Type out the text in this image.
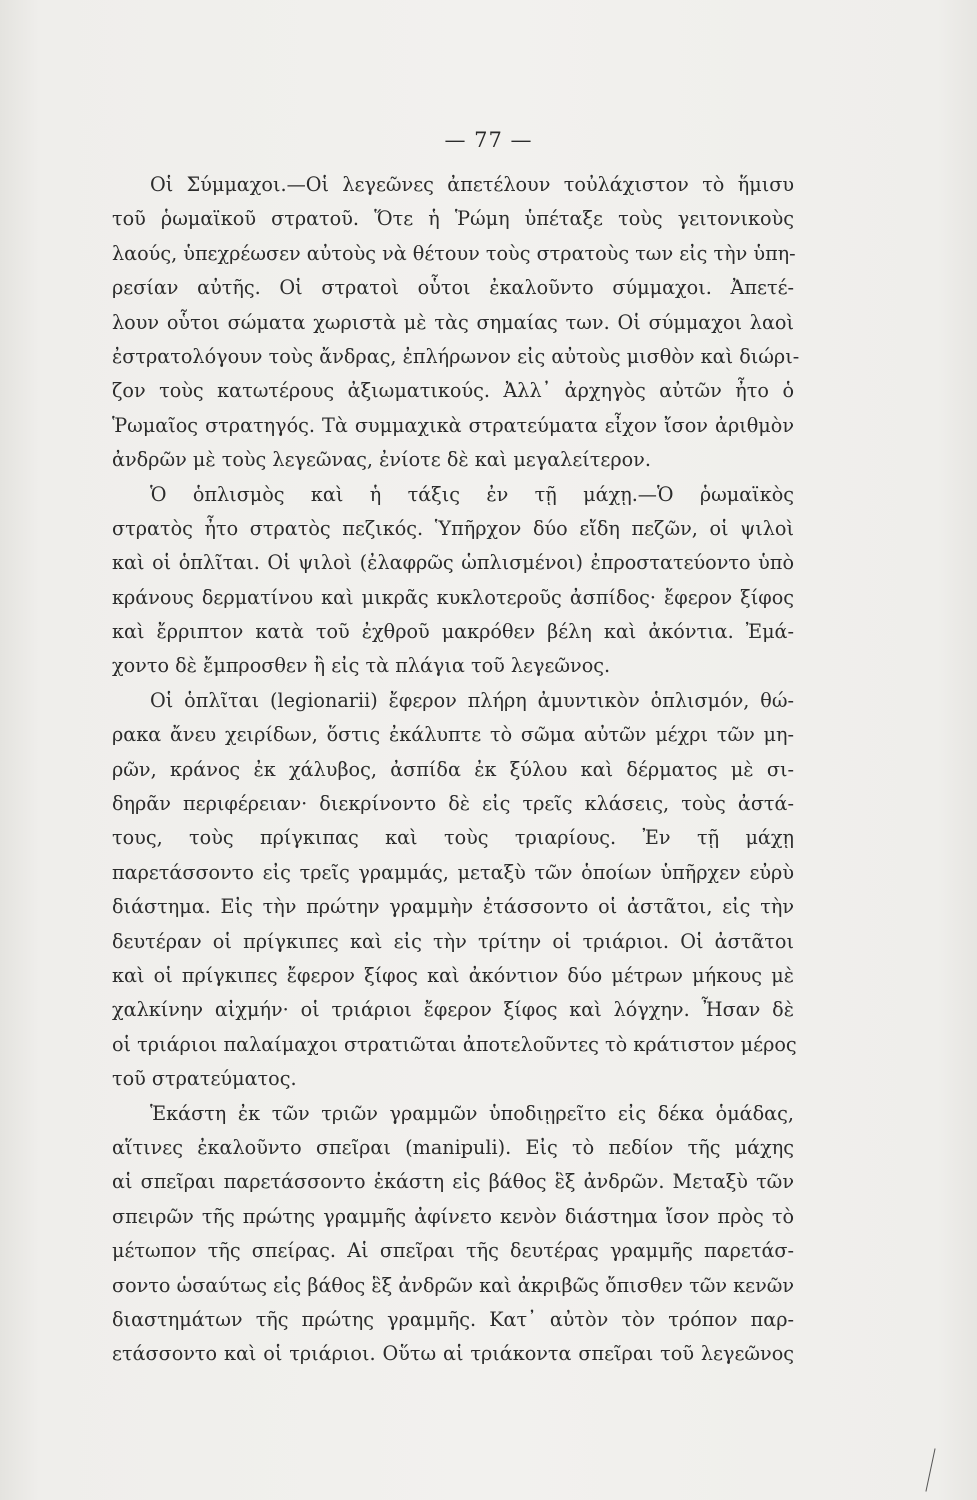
— 77 —
Οἱ Σύμμαχοι.—Οἱ λεγεῶνες ἀπετέλουν τοὐλάχιστον τὸ ἥμισυ
τοῦ ῥωμαϊκοῦ στρατοῦ. Ὅτε ἡ Ῥώμη ὑπέταξε τοὺς γειτονικοὺς
λαούς, ὑπεχρέωσεν αὐτοὺς νὰ θέτουν τοὺς στρατοὺς των εἰς τὴν ὑπη-
ρεσίαν αὐτῆς. Οἱ στρατοὶ οὗτοι ἐκαλοῦντο σύμμαχοι. Ἀπετέ-
λουν οὗτοι σώματα χωριστὰ μὲ τὰς σημαίας των. Οἱ σύμμαχοι λαοὶ
ἐστρατολόγουν τοὺς ἄνδρας, ἐπλήρωνον εἰς αὐτοὺς μισθὸν καὶ διώρι-
ζον τοὺς κατωτέρους ἀξιωματικούς. Ἀλλ᾽ ἀρχηγὸς αὐτῶν ἦτο ὁ
Ῥωμαῖος στρατηγός. Τὰ συμμαχικὰ στρατεύματα εἶχον ἴσον ἀριθμὸν
ἀνδρῶν μὲ τοὺς λεγεῶνας, ἐνίοτε δὲ καὶ μεγαλείτερον.
Ὁ ὁπλισμὸς καὶ ἡ τάξις ἐν τῇ μάχῃ.—Ὁ ῥωμαϊκὸς
στρατὸς ἦτο στρατὸς πεζικός. Ὑπῆρχον δύο εἴδη πεζῶν, οἱ ψιλοὶ
καὶ οἱ ὁπλῖται. Οἱ ψιλοὶ (ἐλαφρῶς ὡπλισμένοι) ἐπροστατεύοντο ὑπὸ
κράνους δερματίνου καὶ μικρᾶς κυκλοτεροῦς ἀσπίδος· ἔφερον ξίφος
καὶ ἔρριπτον κατὰ τοῦ ἐχθροῦ μακρόθεν βέλη καὶ ἀκόντια. Ἐμά-
χοντο δὲ ἔμπροσθεν ἢ εἰς τὰ πλάγια τοῦ λεγεῶνος.
Οἱ ὁπλῖται (legionarii) ἔφερον πλήρη ἀμυντικὸν ὁπλισμόν, θώ-
ρακα ἄνευ χειρίδων, ὅστις ἐκάλυπτε τὸ σῶμα αὐτῶν μέχρι τῶν μη-
ρῶν, κράνος ἐκ χάλυβος, ἀσπίδα ἐκ ξύλου καὶ δέρματος μὲ σι-
δηρᾶν περιφέρειαν· διεκρίνοντο δὲ εἰς τρεῖς κλάσεις, τοὺς ἀστά-
τους, τοὺς πρίγκιπας καὶ τοὺς τριαρίους. Ἐν τῇ μάχῃ
παρετάσσοντο εἰς τρεῖς γραμμάς, μεταξὺ τῶν ὁποίων ὑπῆρχεν εὐρὺ
διάστημα. Εἰς τὴν πρώτην γραμμὴν ἐτάσσοντο οἱ ἀστᾶτοι, εἰς τὴν
δευτέραν οἱ πρίγκιπες καὶ εἰς τὴν τρίτην οἱ τριάριοι. Οἱ ἀστᾶτοι
καὶ οἱ πρίγκιπες ἔφερον ξίφος καὶ ἀκόντιον δύο μέτρων μήκους μὲ
χαλκίνην αἰχμήν· οἱ τριάριοι ἔφερον ξίφος καὶ λόγχην. Ἦσαν δὲ
οἱ τριάριοι παλαίμαχοι στρατιῶται ἀποτελοῦντες τὸ κράτιστον μέρος
τοῦ στρατεύματος.
Ἑκάστη ἐκ τῶν τριῶν γραμμῶν ὑποδιῃρεῖτο εἰς δέκα ὁμάδας,
αἵτινες ἐκαλοῦντο σπεῖραι (manipuli). Εἰς τὸ πεδίον τῆς μάχης
αἱ σπεῖραι παρετάσσοντο ἑκάστη εἰς βάθος ἓξ ἀνδρῶν. Μεταξὺ τῶν
σπειρῶν τῆς πρώτης γραμμῆς ἀφίνετο κενὸν διάστημα ἴσον πρὸς τὸ
μέτωπον τῆς σπείρας. Αἱ σπεῖραι τῆς δευτέρας γραμμῆς παρετάσ-
σοντο ὡσαύτως εἰς βάθος ἓξ ἀνδρῶν καὶ ἀκριβῶς ὄπισθεν τῶν κενῶν
διαστημάτων τῆς πρώτης γραμμῆς. Κατ᾽ αὐτὸν τὸν τρόπον παρ-
ετάσσοντο καὶ οἱ τριάριοι. Οὕτω αἱ τριάκοντα σπεῖραι τοῦ λεγεῶνος
